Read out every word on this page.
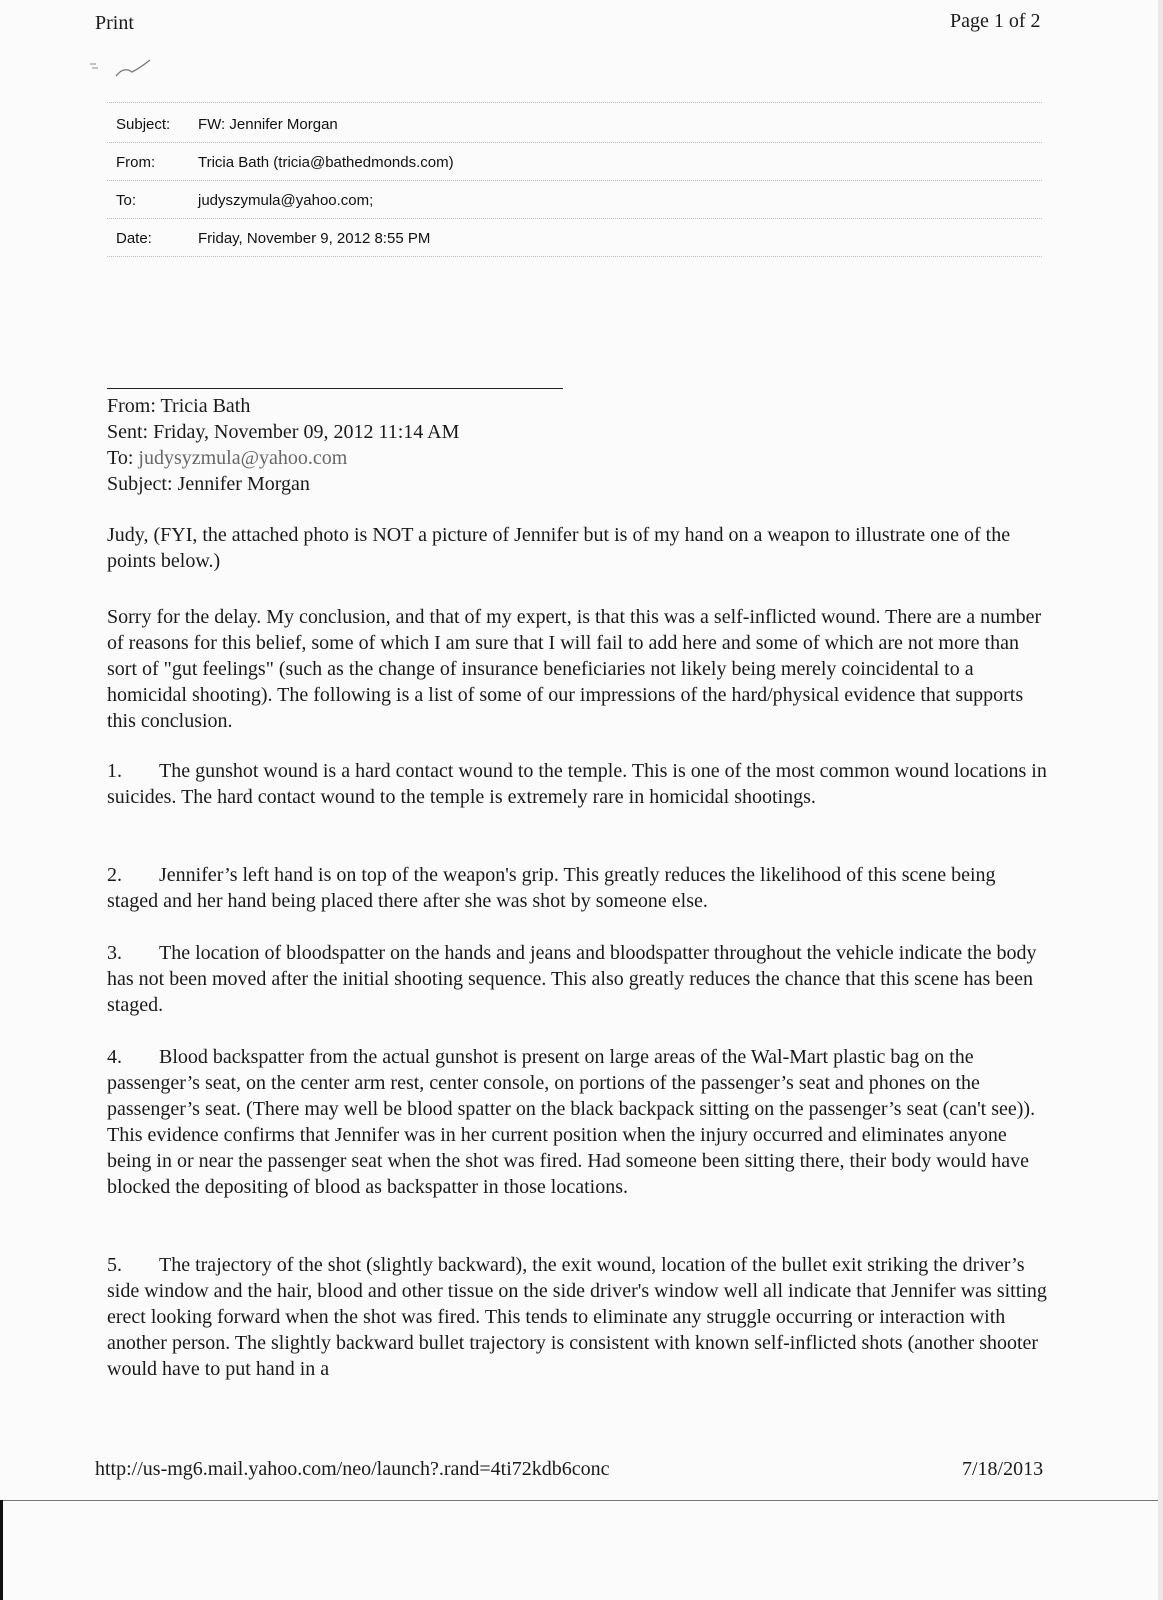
Print	Page 1 of 2
Subject: FW: Jennifer Morgan
From:	Tricia Bath (tricia@bathedmonds.com)
To:	judyszymula@yahoo.com;
Date:	Friday, November 9, 2012 8:55 PM
From: Tricia Bath
Sent: Friday, November 09, 2012 11:14 AM
To: judysyzmula@yahoo.com
Subject: Jennifer Morgan

Judy, (FYI, the attached photo is NOT a picture of Jennifer but is of my hand on a weapon to illustrate one of the points below.)

Sorry for the delay. My conclusion, and that of my expert, is that this was a self-inflicted wound. There are a number of reasons for this belief, some of which I am sure that I will fail to add here and some of which are not more than sort of "gut feelings" (such as the change of insurance beneficiaries not likely being merely coincidental to a homicidal shooting). The following is a list of some of our impressions of the hard/physical evidence that supports this conclusion.

1. The gunshot wound is a hard contact wound to the temple. This is one of the most common wound locations in suicides. The hard contact wound to the temple is extremely rare in homicidal shootings.

2. Jennifer’s left hand is on top of the weapon's grip. This greatly reduces the likelihood of this scene being staged and her hand being placed there after she was shot by someone else.

3. The location of bloodspatter on the hands and jeans and bloodspatter throughout the vehicle indicate the body has not been moved after the initial shooting sequence. This also greatly reduces the chance that this scene has been staged.

4. Blood backspatter from the actual gunshot is present on large areas of the Wal-Mart plastic bag on the passenger’s seat, on the center arm rest, center console, on portions of the passenger’s seat and phones on the passenger’s seat. (There may well be blood spatter on the black backpack sitting on the passenger’s seat (can't see)). This evidence confirms that Jennifer was in her current position when the injury occurred and eliminates anyone being in or near the passenger seat when the shot was fired. Had someone been sitting there, their body would have blocked the depositing of blood as backspatter in those locations.

5. The trajectory of the shot (slightly backward), the exit wound, location of the bullet exit striking the driver’s side window and the hair, blood and other tissue on the side driver's window well all indicate that Jennifer was sitting erect looking forward when the shot was fired. This tends to eliminate any struggle occurring or interaction with another person. The slightly backward bullet trajectory is consistent with known self-inflicted shots (another shooter would have to put hand in a

http://us-mg6.mail.yahoo.com/neo/launch?.rand=4ti72kdb6conc	7/18/2013
